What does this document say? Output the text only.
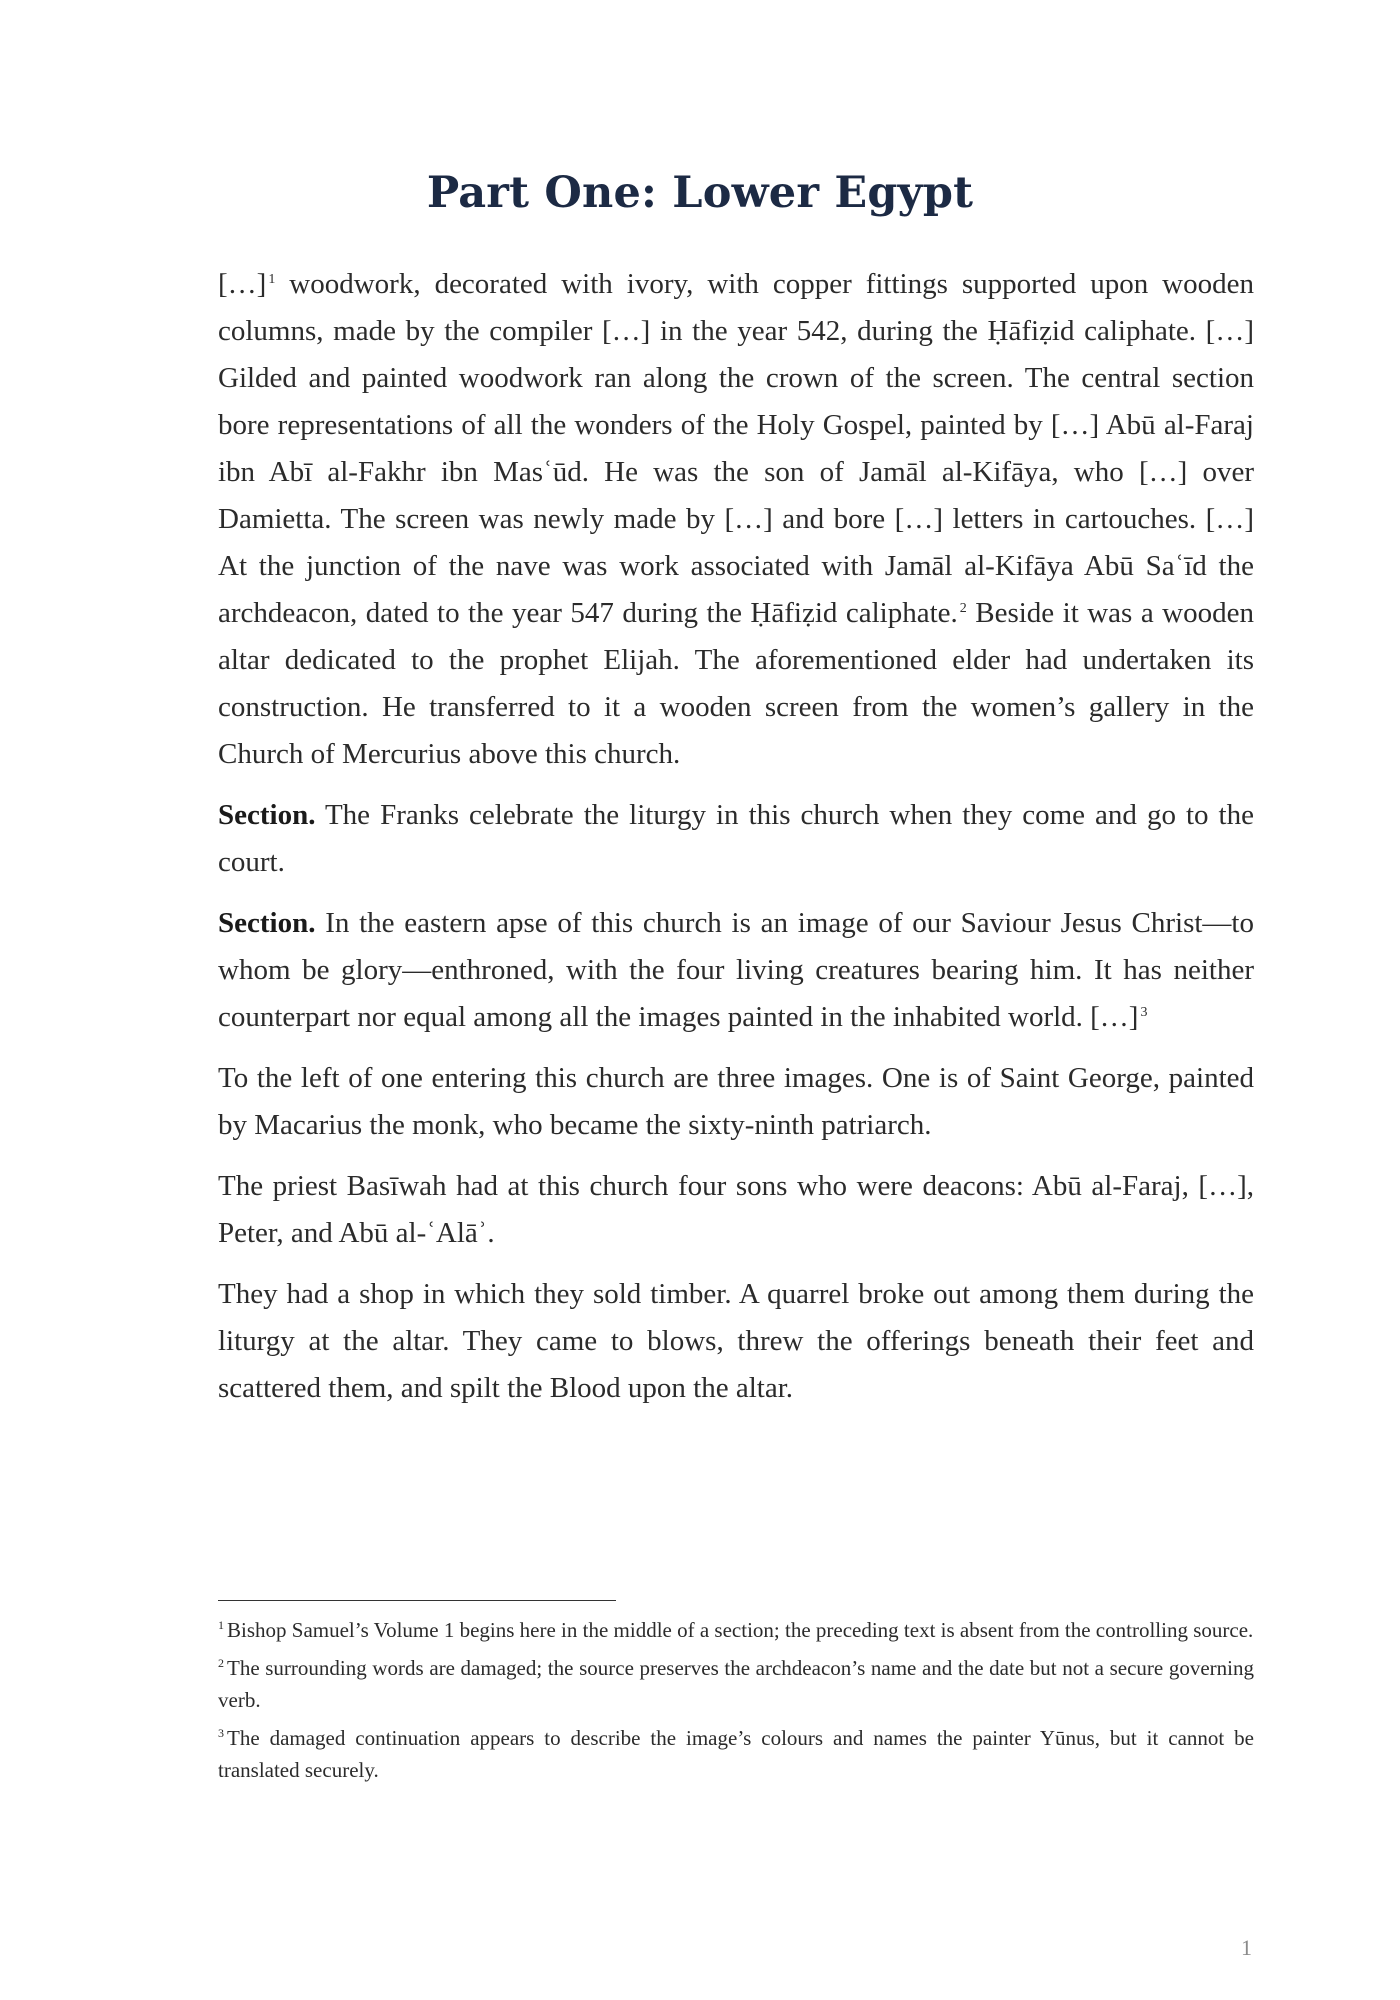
Part One: Lower Egypt

[…] $^1$ woodwork, decorated with ivory, with copper fittings supported upon wooden columns, made by the compiler […] in the year 542, during the Ḥāfiẓid caliphate. […] Gilded and painted woodwork ran along the crown of the screen. The central section bore representations of all the wonders of the Holy Gospel, painted by […] Abū al-Faraj ibn Abī al-Fakhr ibn Masʿūd. He was the son of Jamāl al-Kifāya, who […] over Damietta. The screen was newly made by […] and bore […] letters in cartouches. […] At the junction of the nave was work associated with Jamāl al-Kifāya Abū Saʿīd the archdeacon, dated to the year 547 during the Ḥāfiẓid caliphate. $^2$ Beside it was a wooden altar dedicated to the prophet Elijah. The aforementioned elder had undertaken its construction. He transferred to it a wooden screen from the women’s gallery in the Church of Mercurius above this church.

Section. The Franks celebrate the liturgy in this church when they come and go to the court.

Section. In the eastern apse of this church is an image of our Saviour Jesus Christ—to whom be glory—enthroned, with the four living creatures bearing him. It has neither counterpart nor equal among all the images painted in the inhabited world. […] $^3$

To the left of one entering this church are three images. One is of Saint George, painted by Macarius the monk, who became the sixty-ninth patriarch.

The priest Basīwah had at this church four sons who were deacons: Abū al-Faraj, […], Peter, and Abū al-ʿAlāʾ.

They had a shop in which they sold timber. A quarrel broke out among them during the liturgy at the altar. They came to blows, threw the offerings beneath their feet and scattered them, and spilt the Blood upon the altar.

$^1$ Bishop Samuel’s Volume 1 begins here in the middle of a section; the preceding text is absent from the controlling source.

$^2$ The surrounding words are damaged; the source preserves the archdeacon’s name and the date but not a secure governing verb.

$^3$ The damaged continuation appears to describe the image’s colours and names the painter Yūnus, but it cannot be translated securely.

1
